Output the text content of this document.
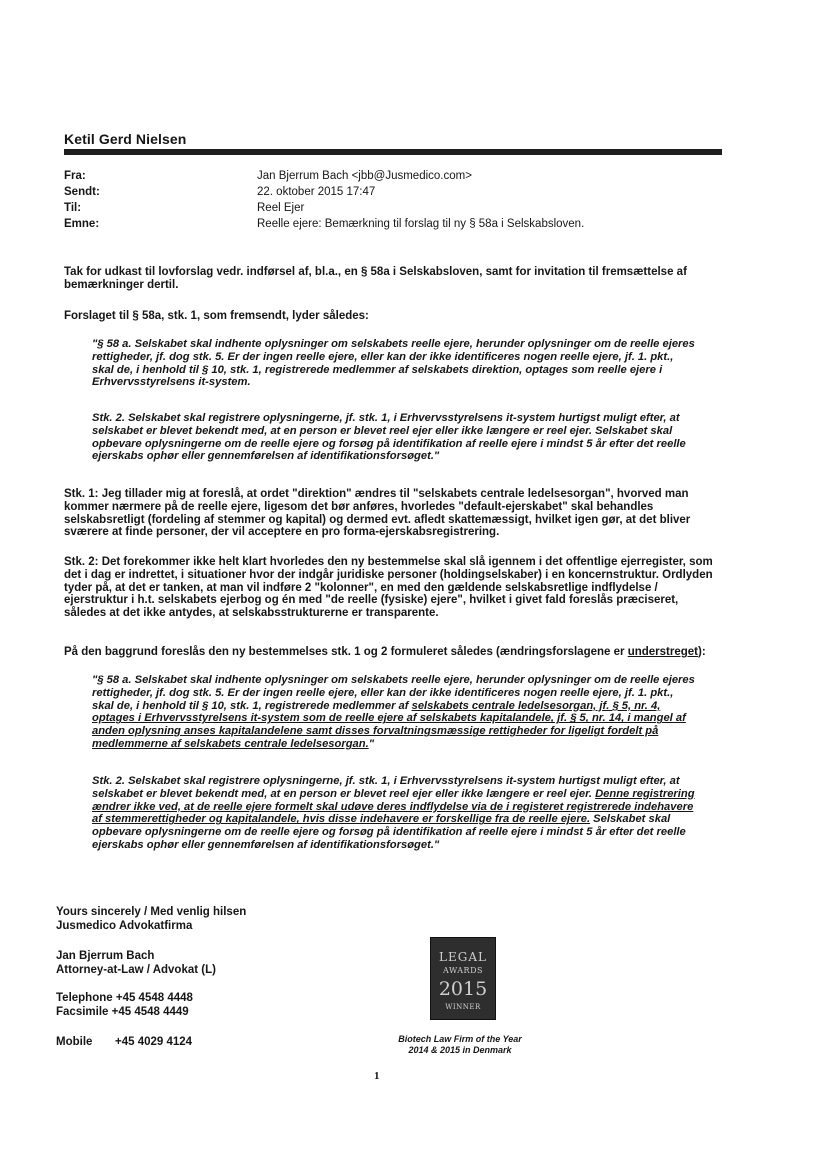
Ketil Gerd Nielsen
Fra:	Jan Bjerrum Bach <jbb@Jusmedico.com>
Sendt:	22. oktober 2015 17:47
Til:	Reel Ejer
Emne:	Reelle ejere: Bemærkning til forslag til ny § 58a i Selskabsloven.
Tak for udkast til lovforslag vedr. indførsel af, bl.a., en § 58a i Selskabsloven, samt for invitation til fremsættelse af bemærkninger dertil.
Forslaget til § 58a, stk. 1, som fremsendt, lyder således:
"§ 58 a. Selskabet skal indhente oplysninger om selskabets reelle ejere, herunder oplysninger om de reelle ejeres rettigheder, jf. dog stk. 5. Er der ingen reelle ejere, eller kan der ikke identificeres nogen reelle ejere, jf. 1. pkt., skal de, i henhold til § 10, stk. 1, registrerede medlemmer af selskabets direktion, optages som reelle ejere i Erhvervsstyrelsens it-system.
Stk. 2. Selskabet skal registrere oplysningerne, jf. stk. 1, i Erhvervsstyrelsens it-system hurtigst muligt efter, at selskabet er blevet bekendt med, at en person er blevet reel ejer eller ikke længere er reel ejer. Selskabet skal opbevare oplysningerne om de reelle ejere og forsøg på identifikation af reelle ejere i mindst 5 år efter det reelle ejerskabs ophør eller gennemførelsen af identifikationsforsøget."
Stk. 1: Jeg tillader mig at foreslå, at ordet "direktion" ændres til "selskabets centrale ledelsesorgan", hvorved man kommer nærmere på de reelle ejere, ligesom det bør anføres, hvorledes "default-ejerskabet" skal behandles selskabsretligt (fordeling af stemmer og kapital) og dermed evt. afledt skattemæssigt, hvilket igen gør, at det bliver sværere at finde personer, der vil acceptere en pro forma-ejerskabsregistrering.
Stk. 2: Det forekommer ikke helt klart hvorledes den ny bestemmelse skal slå igennem i det offentlige ejerregister, som det i dag er indrettet, i situationer hvor der indgår juridiske personer (holdingselskaber) i en koncernstruktur. Ordlyden tyder på, at det er tanken, at man vil indføre 2 "kolonner", en med den gældende selskabsretlige indflydelse / ejerstruktur i h.t. selskabets ejerbog og én med "de reelle (fysiske) ejere", hvilket i givet fald foreslås præciseret, således at det ikke antydes, at selskabsstrukturerne er transparente.
På den baggrund foreslås den ny bestemmelses stk. 1 og 2 formuleret således (ændringsforslagene er understreget):
"§ 58 a. Selskabet skal indhente oplysninger om selskabets reelle ejere, herunder oplysninger om de reelle ejeres rettigheder, jf. dog stk. 5. Er der ingen reelle ejere, eller kan der ikke identificeres nogen reelle ejere, jf. 1. pkt., skal de, i henhold til § 10, stk. 1, registrerede medlemmer af selskabets centrale ledelsesorgan, jf. § 5, nr. 4, optages i Erhvervsstyrelsens it-system som de reelle ejere af selskabets kapitalandele, jf. § 5, nr. 14, i mangel af anden oplysning anses kapitalandelene samt disses forvaltningsmæssige rettigheder for ligeligt fordelt på medlemmerne af selskabets centrale ledelsesorgan."
Stk. 2. Selskabet skal registrere oplysningerne, jf. stk. 1, i Erhvervsstyrelsens it-system hurtigst muligt efter, at selskabet er blevet bekendt med, at en person er blevet reel ejer eller ikke længere er reel ejer. Denne registrering ændrer ikke ved, at de reelle ejere formelt skal udøve deres indflydelse via de i registeret registrerede indehavere af stemmerettigheder og kapitalandele, hvis disse indehavere er forskellige fra de reelle ejere. Selskabet skal opbevare oplysningerne om de reelle ejere og forsøg på identifikation af reelle ejere i mindst 5 år efter det reelle ejerskabs ophør eller gennemførelsen af identifikationsforsøget."
Yours sincerely / Med venlig hilsen
Jusmedico Advokatfirma
Jan Bjerrum Bach
Attorney-at-Law / Advokat (L)
Telephone +45 4548 4448
Facsimile +45 4548 4449
Mobile +45 4029 4124
LEGAL
AWARDS
2015
WINNER
Biotech Law Firm of the Year
2014 & 2015 in Denmark
1
